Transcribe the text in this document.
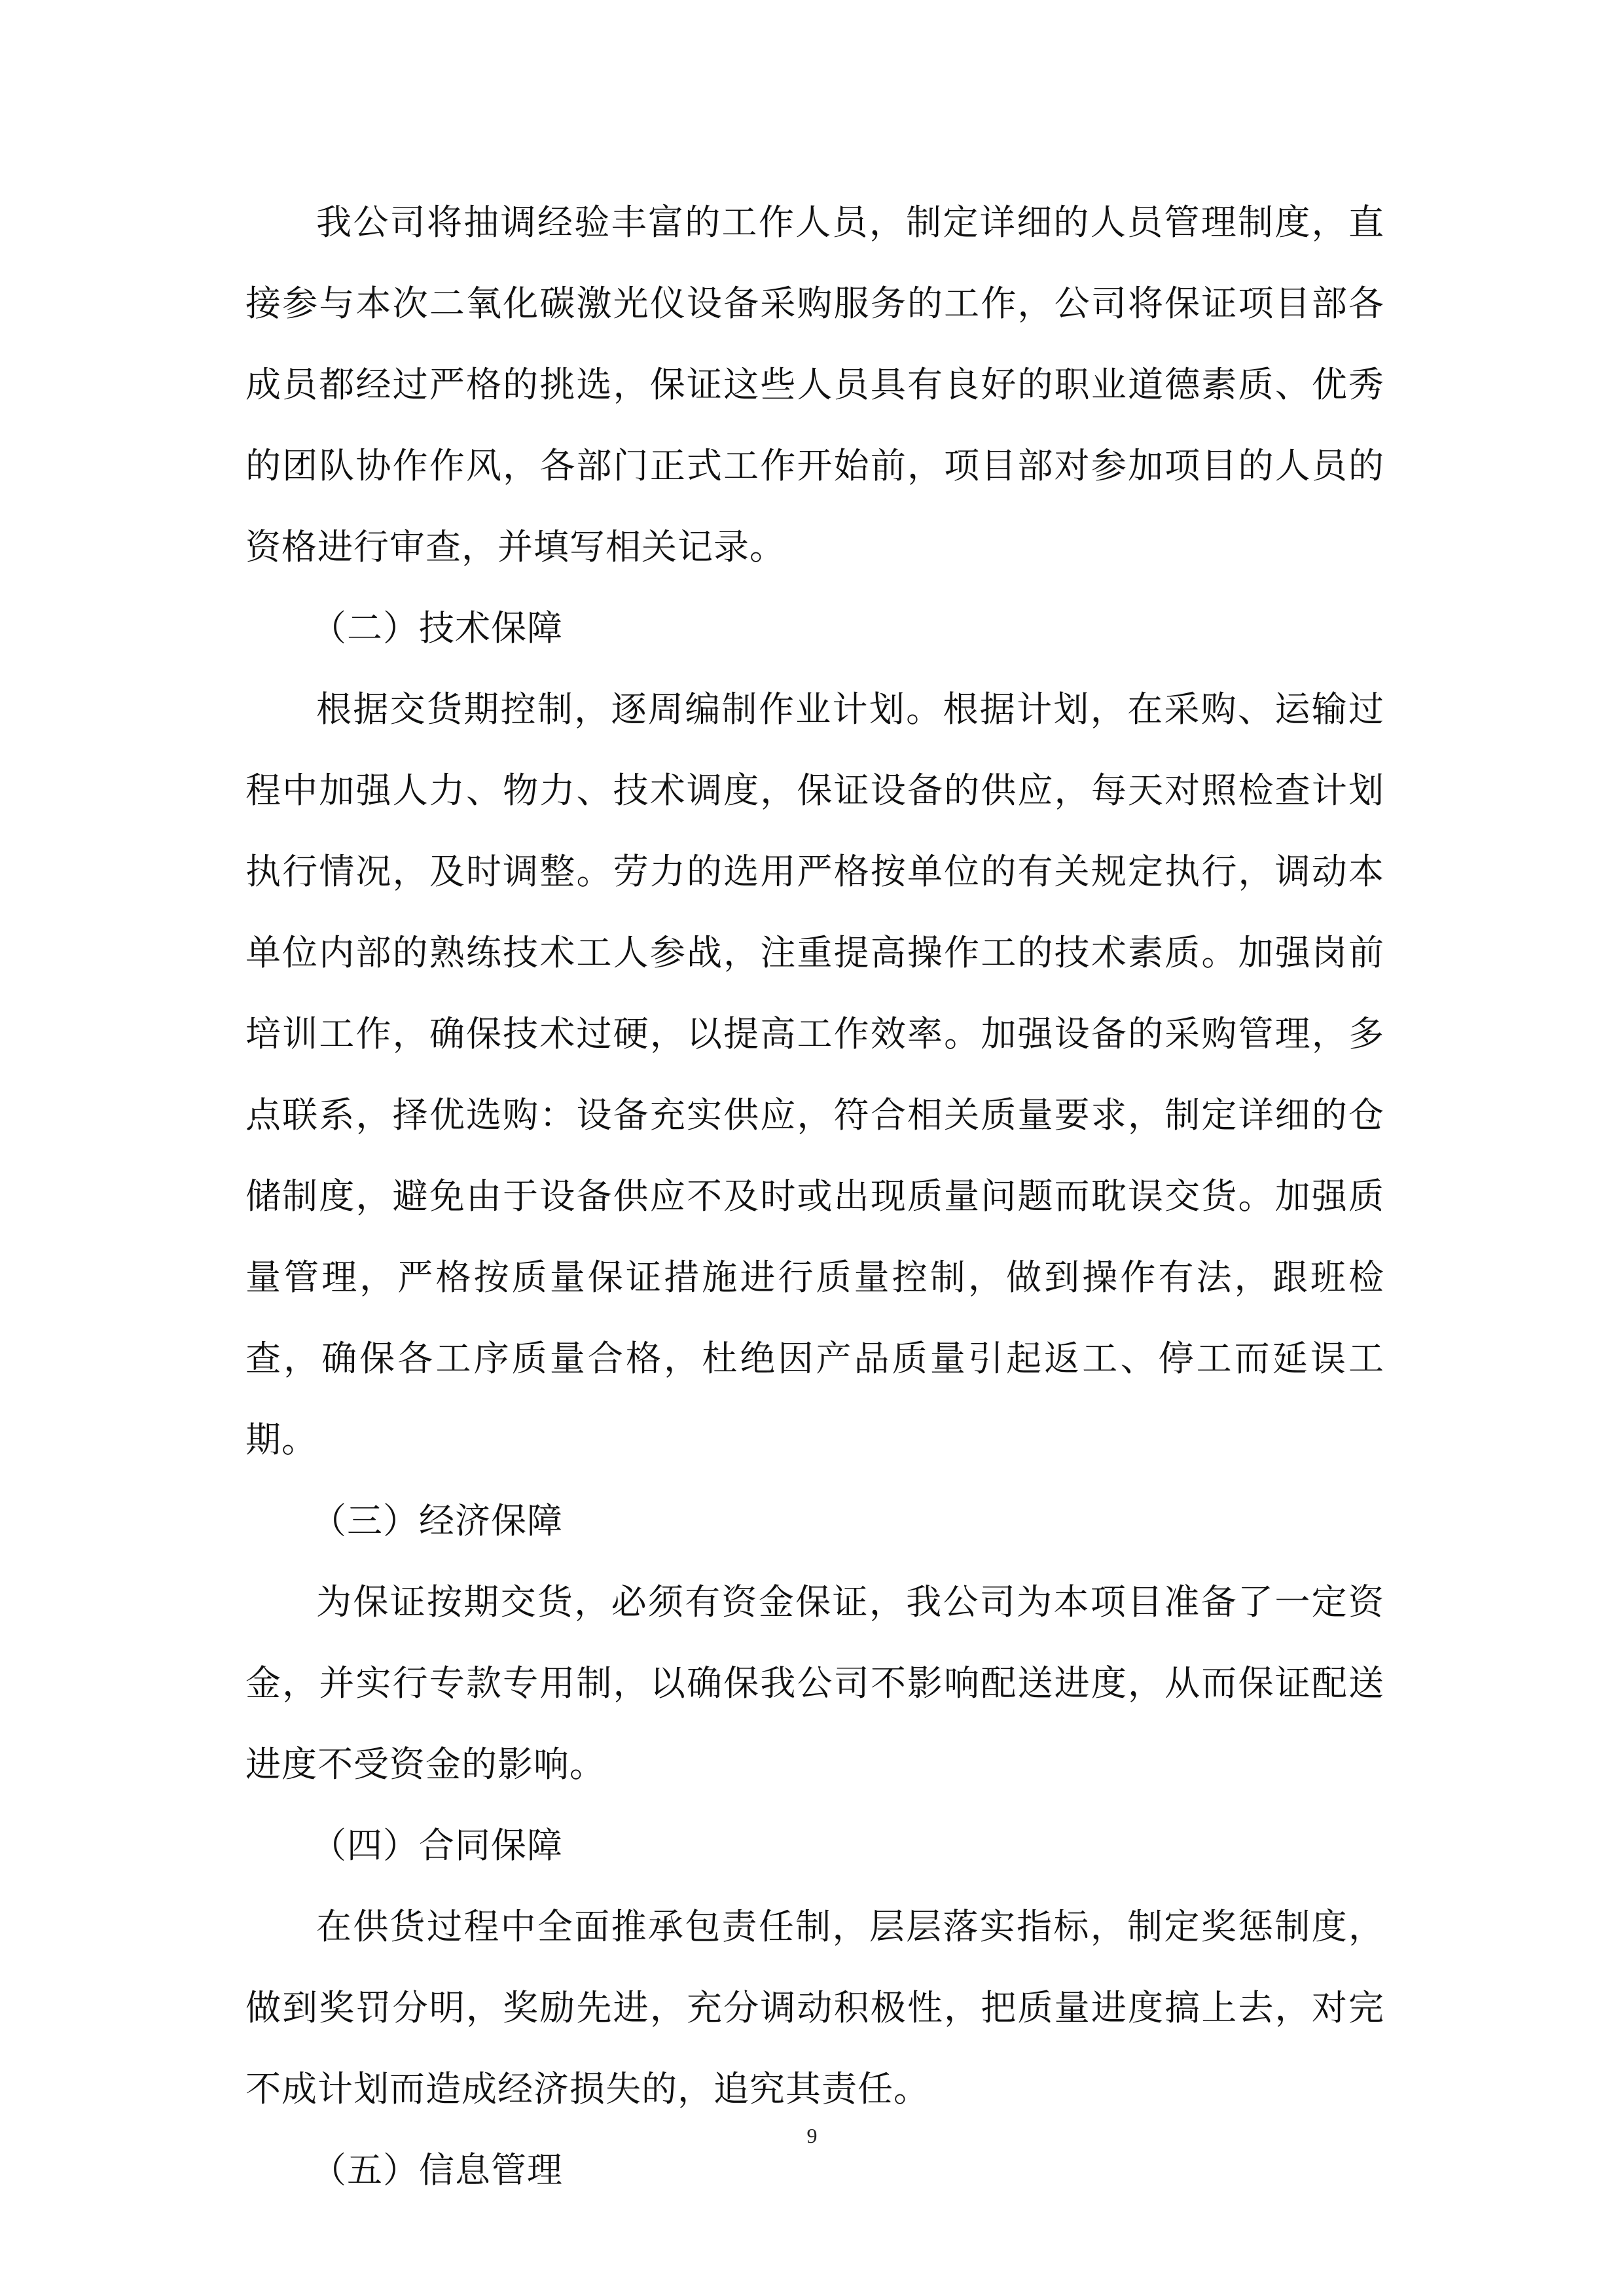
我公司将抽调经验丰富的工作人员，制定详细的人员管理制度，直接参与本次二氧化碳激光仪设备采购服务的工作，公司将保证项目部各成员都经过严格的挑选，保证这些人员具有良好的职业道德素质、优秀的团队协作作风，各部门正式工作开始前，项目部对参加项目的人员的资格进行审查，并填写相关记录。

（二）技术保障

根据交货期控制，逐周编制作业计划。根据计划，在采购、运输过程中加强人力、物力、技术调度，保证设备的供应，每天对照检查计划执行情况，及时调整。劳力的选用严格按单位的有关规定执行，调动本单位内部的熟练技术工人参战，注重提高操作工的技术素质。加强岗前培训工作，确保技术过硬，以提高工作效率。加强设备的采购管理，多点联系，择优选购：设备充实供应，符合相关质量要求，制定详细的仓储制度，避免由于设备供应不及时或出现质量问题而耽误交货。加强质量管理，严格按质量保证措施进行质量控制，做到操作有法，跟班检查，确保各工序质量合格，杜绝因产品质量引起返工、停工而延误工期。

（三）经济保障

为保证按期交货，必须有资金保证，我公司为本项目准备了一定资金，并实行专款专用制，以确保我公司不影响配送进度，从而保证配送进度不受资金的影响。

（四）合同保障

在供货过程中全面推承包责任制，层层落实指标，制定奖惩制度，做到奖罚分明，奖励先进，充分调动积极性，把质量进度搞上去，对完不成计划而造成经济损失的，追究其责任。

（五）信息管理

9
